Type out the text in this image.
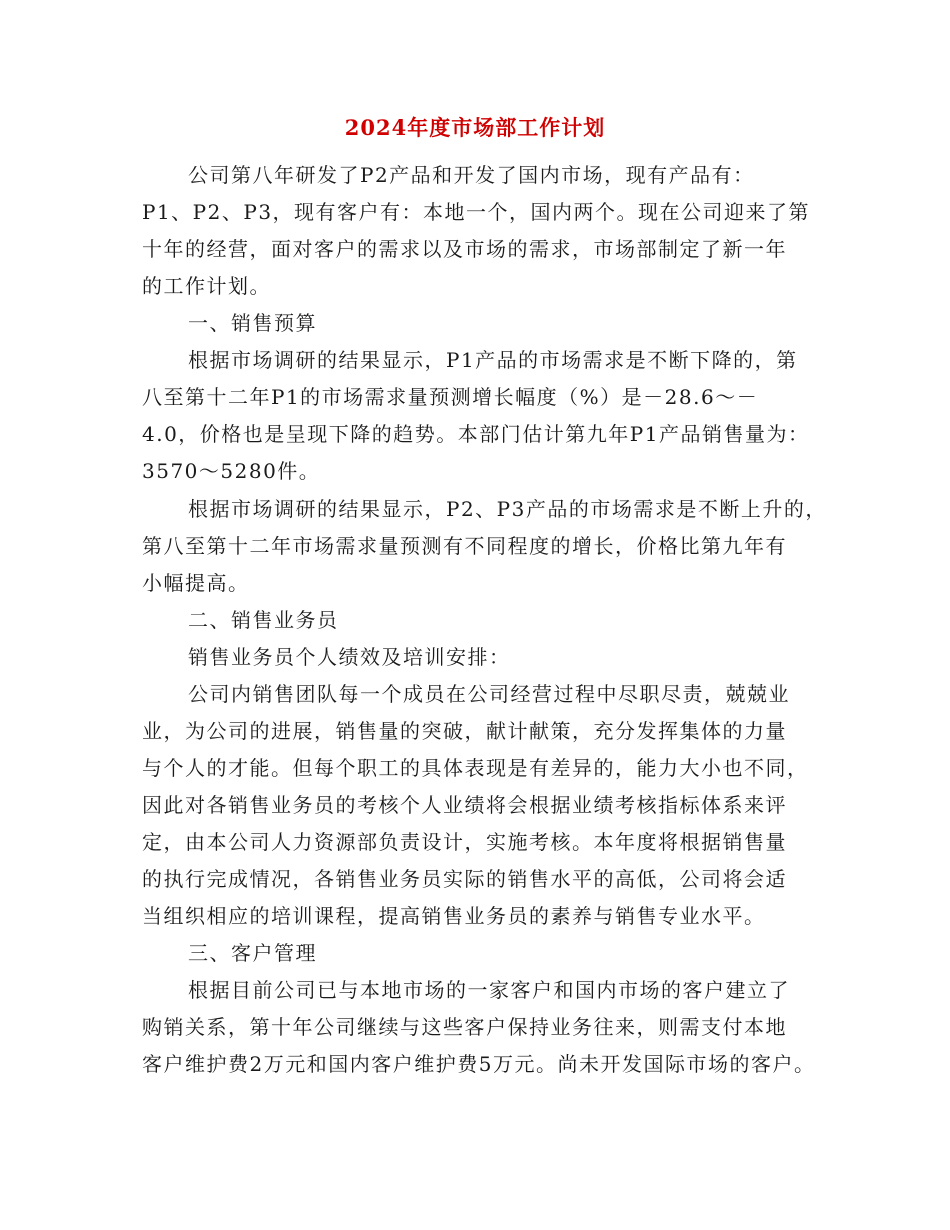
2024年度市场部工作计划
公司第八年研发了P2产品和开发了国内市场，现有产品有：
P1、P2、P3，现有客户有：本地一个，国内两个。现在公司迎来了第
十年的经营，面对客户的需求以及市场的需求，市场部制定了新一年
的工作计划。
一、销售预算
根据市场调研的结果显示，P1产品的市场需求是不断下降的，第
八至第十二年P1的市场需求量预测增长幅度（%）是－28.6～－
4.0，价格也是呈现下降的趋势。本部门估计第九年P1产品销售量为：
3570～5280件。
根据市场调研的结果显示，P2、P3产品的市场需求是不断上升的，
第八至第十二年市场需求量预测有不同程度的增长，价格比第九年有
小幅提高。
二、销售业务员
销售业务员个人绩效及培训安排：
公司内销售团队每一个成员在公司经营过程中尽职尽责，兢兢业
业，为公司的进展，销售量的突破，献计献策，充分发挥集体的力量
与个人的才能。但每个职工的具体表现是有差异的，能力大小也不同，
因此对各销售业务员的考核个人业绩将会根据业绩考核指标体系来评
定，由本公司人力资源部负责设计，实施考核。本年度将根据销售量
的执行完成情况，各销售业务员实际的销售水平的高低，公司将会适
当组织相应的培训课程，提高销售业务员的素养与销售专业水平。
三、客户管理
根据目前公司已与本地市场的一家客户和国内市场的客户建立了
购销关系，第十年公司继续与这些客户保持业务往来，则需支付本地
客户维护费2万元和国内客户维护费5万元。尚未开发国际市场的客户。
